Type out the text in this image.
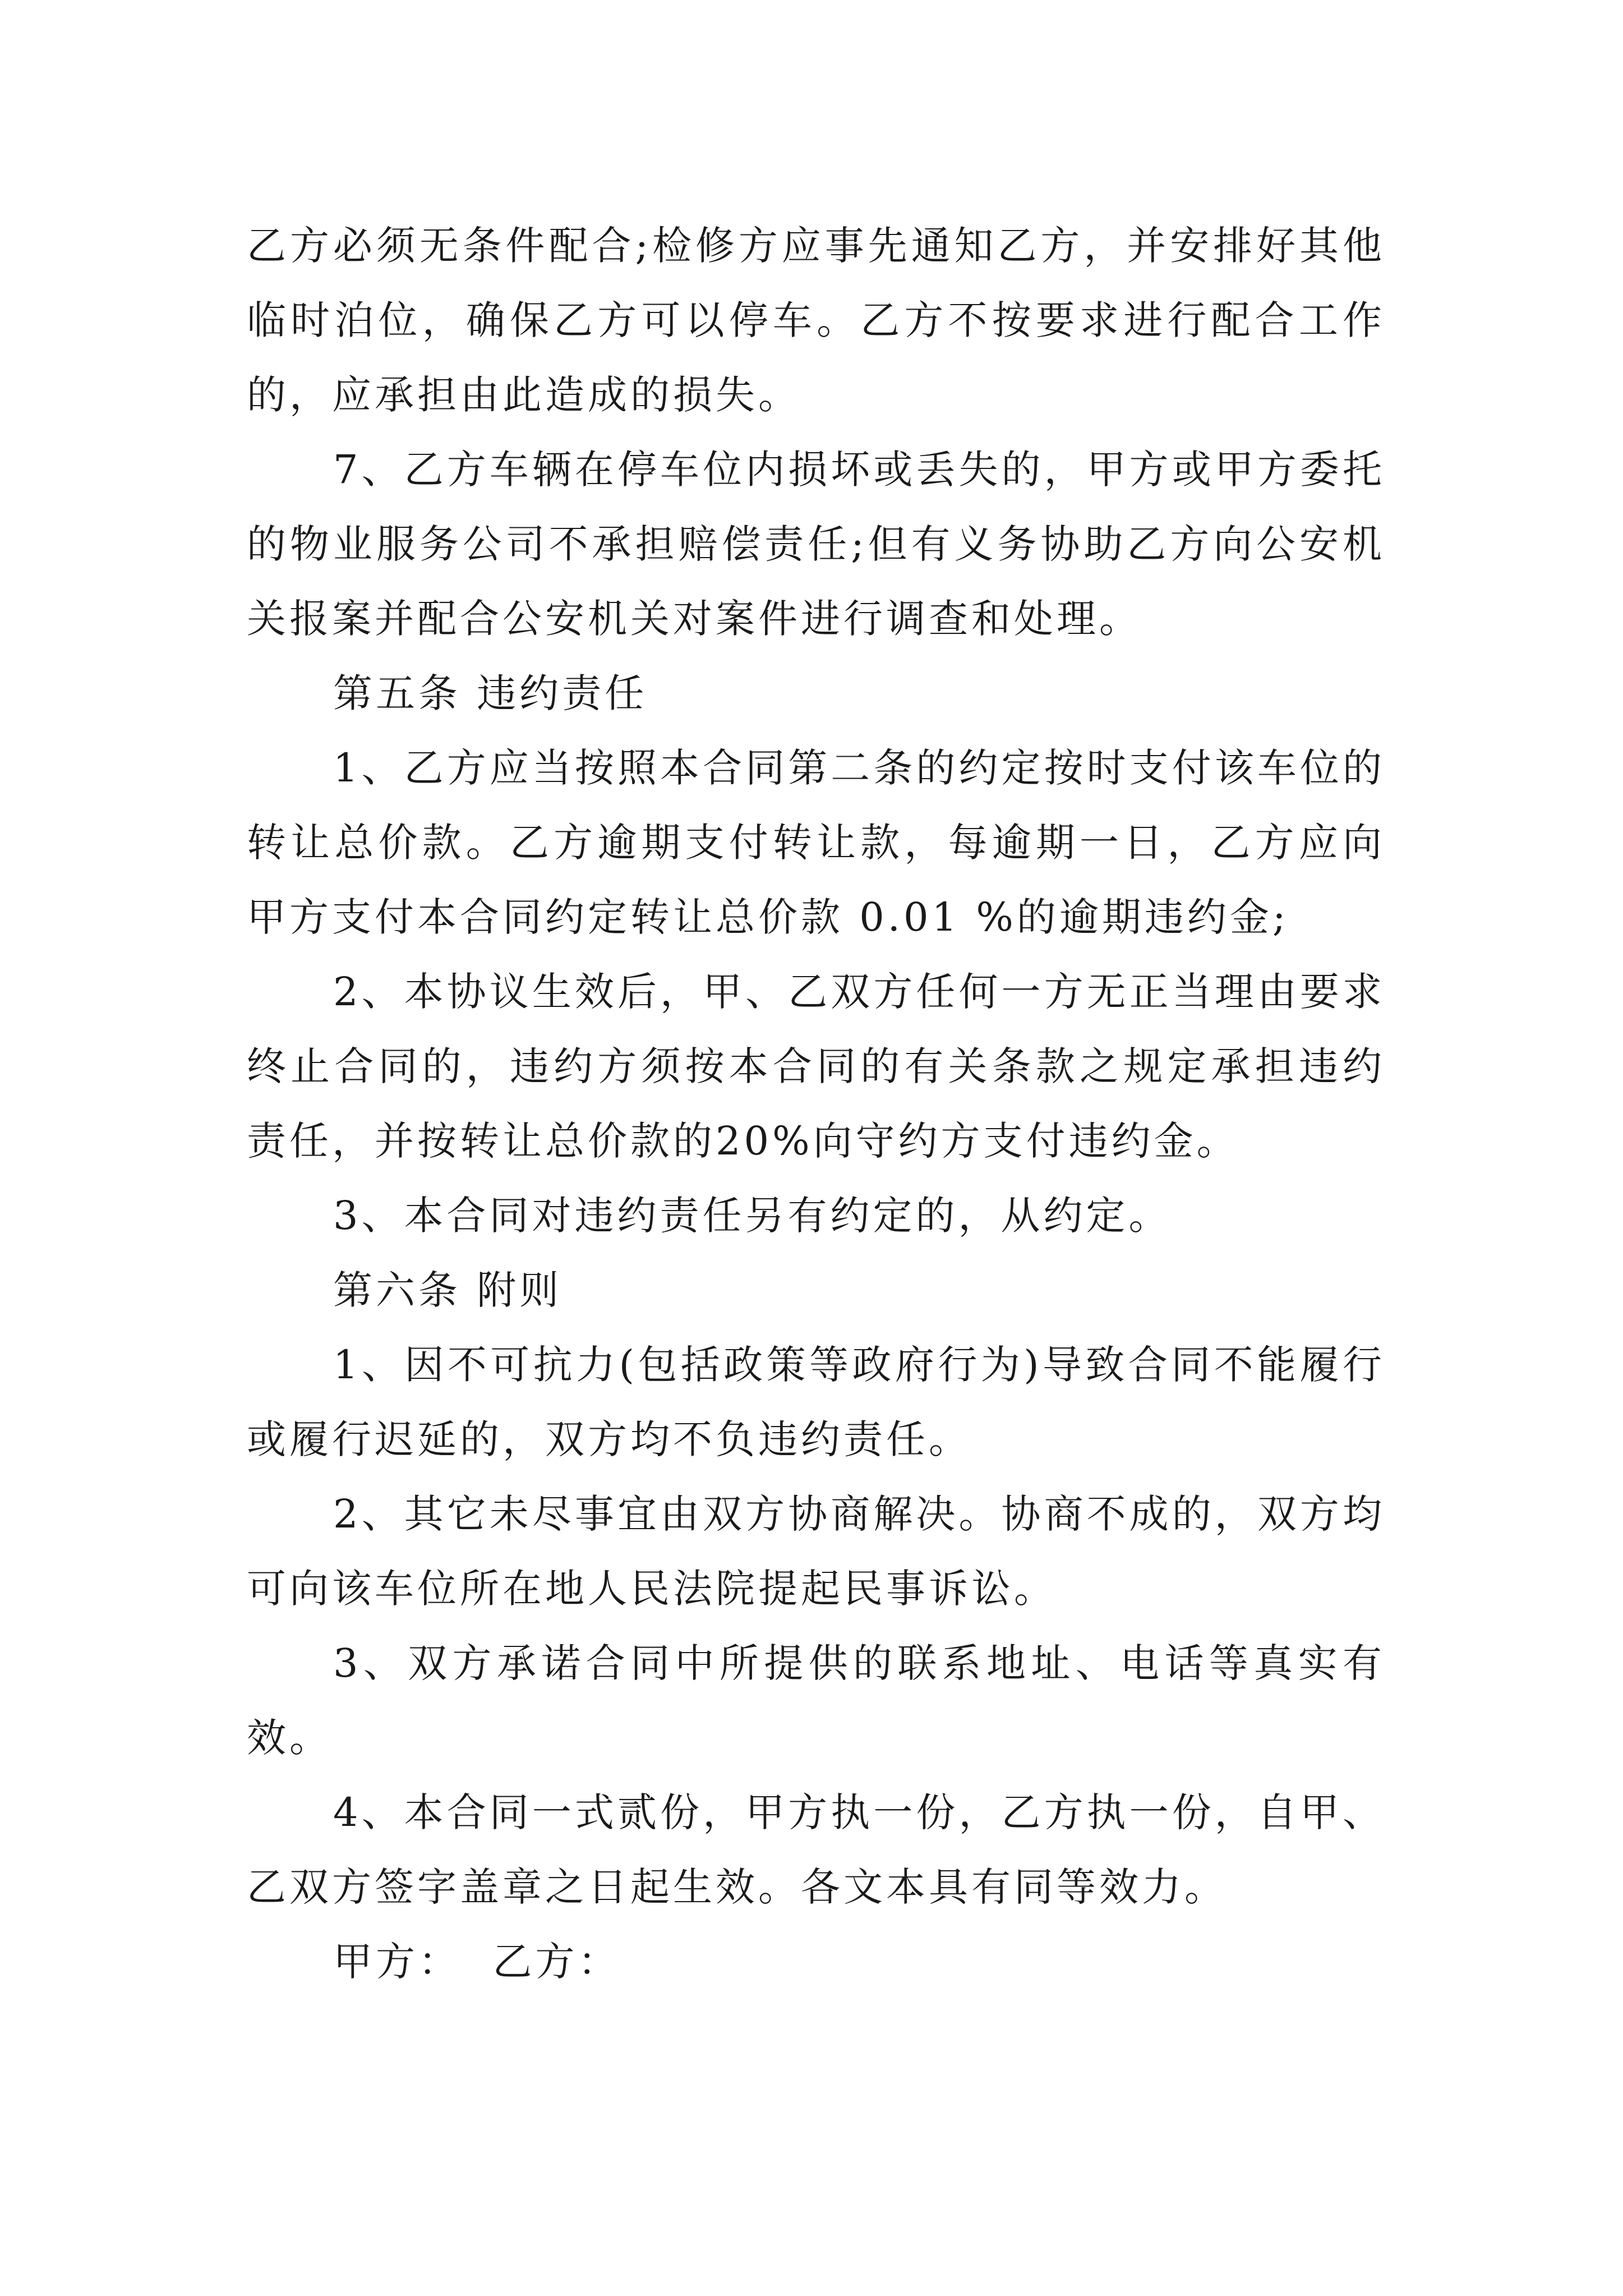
乙方必须无条件配合;检修方应事先通知乙方，并安排好其他临时泊位，确保乙方可以停车。乙方不按要求进行配合工作的，应承担由此造成的损失。

7、乙方车辆在停车位内损坏或丢失的，甲方或甲方委托的物业服务公司不承担赔偿责任;但有义务协助乙方向公安机关报案并配合公安机关对案件进行调查和处理。

第五条 违约责任

1、乙方应当按照本合同第二条的约定按时支付该车位的转让总价款。乙方逾期支付转让款，每逾期一日，乙方应向甲方支付本合同约定转让总价款 0.01 %的逾期违约金;

2、本协议生效后，甲、乙双方任何一方无正当理由要求终止合同的，违约方须按本合同的有关条款之规定承担违约责任，并按转让总价款的20%向守约方支付违约金。

3、本合同对违约责任另有约定的，从约定。

第六条 附则

1、因不可抗力(包括政策等政府行为)导致合同不能履行或履行迟延的，双方均不负违约责任。

2、其它未尽事宜由双方协商解决。协商不成的，双方均可向该车位所在地人民法院提起民事诉讼。

3、双方承诺合同中所提供的联系地址、电话等真实有效。

4、本合同一式贰份，甲方执一份，乙方执一份，自甲、乙双方签字盖章之日起生效。各文本具有同等效力。

甲方：  乙方：
